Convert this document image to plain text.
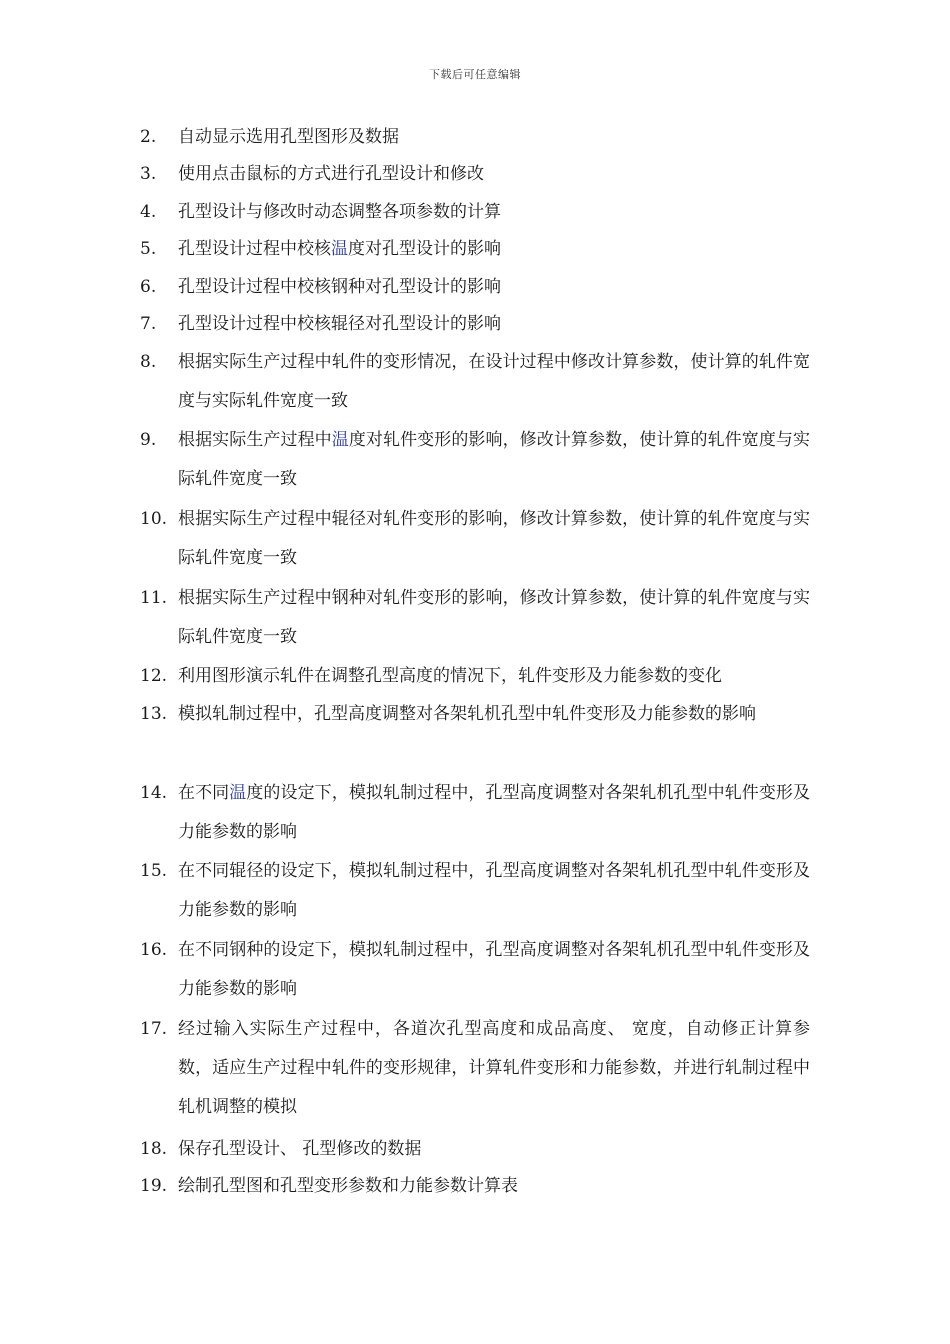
下载后可任意编辑
2.	自动显示选用孔型图形及数据
3.	使用点击鼠标的方式进行孔型设计和修改
4.	孔型设计与修改时动态调整各项参数的计算
5.	孔型设计过程中校核温度对孔型设计的影响
6.	孔型设计过程中校核钢种对孔型设计的影响
7.	孔型设计过程中校核辊径对孔型设计的影响
8.	根据实际生产过程中轧件的变形情况，在设计过程中修改计算参数，使计算的轧件宽度与实际轧件宽度一致
9.	根据实际生产过程中温度对轧件变形的影响，修改计算参数，使计算的轧件宽度与实际轧件宽度一致
10. 根据实际生产过程中辊径对轧件变形的影响，修改计算参数，使计算的轧件宽度与实际轧件宽度一致
11. 根据实际生产过程中钢种对轧件变形的影响，修改计算参数，使计算的轧件宽度与实际轧件宽度一致
12. 利用图形演示轧件在调整孔型高度的情况下，轧件变形及力能参数的变化
13. 模拟轧制过程中，孔型高度调整对各架轧机孔型中轧件变形及力能参数的影响
14. 在不同温度的设定下，模拟轧制过程中，孔型高度调整对各架轧机孔型中轧件变形及力能参数的影响
15. 在不同辊径的设定下，模拟轧制过程中，孔型高度调整对各架轧机孔型中轧件变形及力能参数的影响
16. 在不同钢种的设定下，模拟轧制过程中，孔型高度调整对各架轧机孔型中轧件变形及力能参数的影响
17. 经过输入实际生产过程中，各道次孔型高度和成品高度、 宽度，自动修正计算参数，适应生产过程中轧件的变形规律，计算轧件变形和力能参数，并进行轧制过程中轧机调整的模拟
18. 保存孔型设计、 孔型修改的数据
19. 绘制孔型图和孔型变形参数和力能参数计算表
